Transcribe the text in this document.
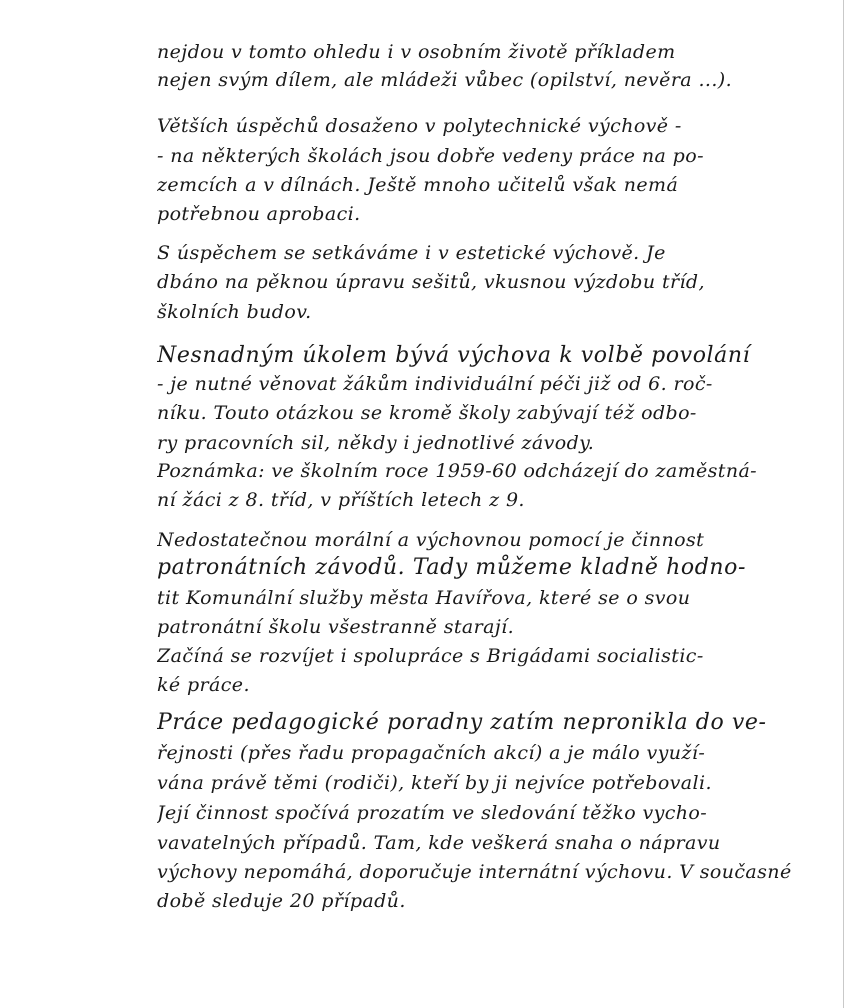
nejdou v tomto ohledu i v osobním životě příkladem
nejen svým dílem, ale mládeži vůbec (opilství, nevěra ...).
Větších úspěchů dosaženo v polytechnické výchově -
- na některých školách jsou dobře vedeny práce na po-
zemcích a v dílnách. Ještě mnoho učitelů však nemá
potřebnou aprobaci.
S úspěchem se setkáváme i v estetické výchově. Je
dbáno na pěknou úpravu sešitů, vkusnou výzdobu tříd,
školních budov.
Nesnadným úkolem bývá výchova k volbě povolání
- je nutné věnovat žákům individuální péči již od 6. roč-
níku. Touto otázkou se kromě školy zabývají též odbo-
ry pracovních sil, někdy i jednotlivé závody.
Poznámka: ve školním roce 1959-60 odcházejí do zaměstná-
ní žáci z 8. tříd, v příštích letech z 9.
Nedostatečnou morální a výchovnou pomocí je činnost
patronátních závodů. Tady můžeme kladně hodno-
tit Komunální služby města Havířova, které se o svou
patronátní školu všestranně starají.
Začíná se rozvíjet i spolupráce s Brigádami socialistic-
ké práce.
Práce pedagogické poradny zatím nepronikla do ve-
řejnosti (přes řadu propagačních akcí) a je málo využí-
vána právě těmi (rodiči), kteří by ji nejvíce potřebovali.
Její činnost spočívá prozatím ve sledování těžko vycho-
vavatelných případů. Tam, kde veškerá snaha o nápravu
výchovy nepomáhá, doporučuje internátní výchovu. V současné
době sleduje 20 případů.
